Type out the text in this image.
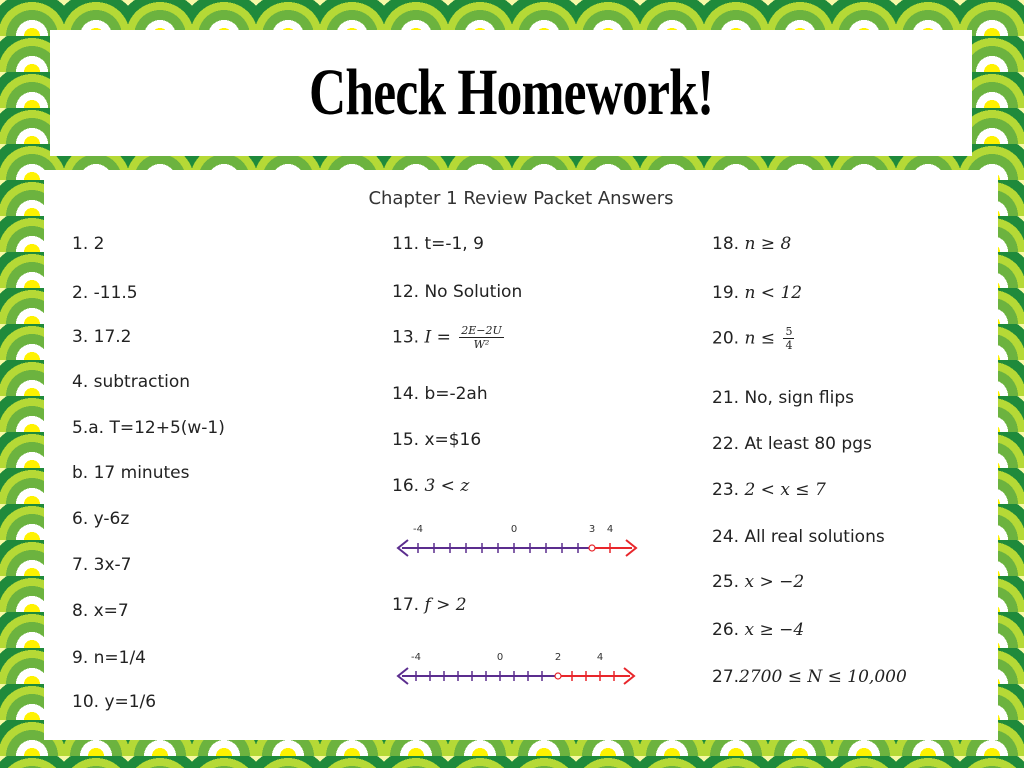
Check Homework!
Chapter 1 Review Packet Answers
1. 2
2. -11.5
3. 17.2
4. subtraction
5.a. T=12+5(w-1)
b. 17 minutes
6. y-6z
7. 3x-7
8. x=7
9. n=1/4
10. y=1/6
11. t=-1, 9
12. No Solution
13. $I = \frac{2E-2U}{\text{W²}}$
14. b=-2ah
15. x=$16
16. 3 < z
-4	0	3 4
17. f > 2
-4	0	2	4
18. n ≥ 8
19. n < 12
20. $n \le \frac{5}{4}$
21. No, sign flips
22. At least 80 pgs
23. 2 < x ≤ 7
24. All real solutions
25. x > −2
26. x ≥ −4
27.2700 ≤ N ≤ 10,000
